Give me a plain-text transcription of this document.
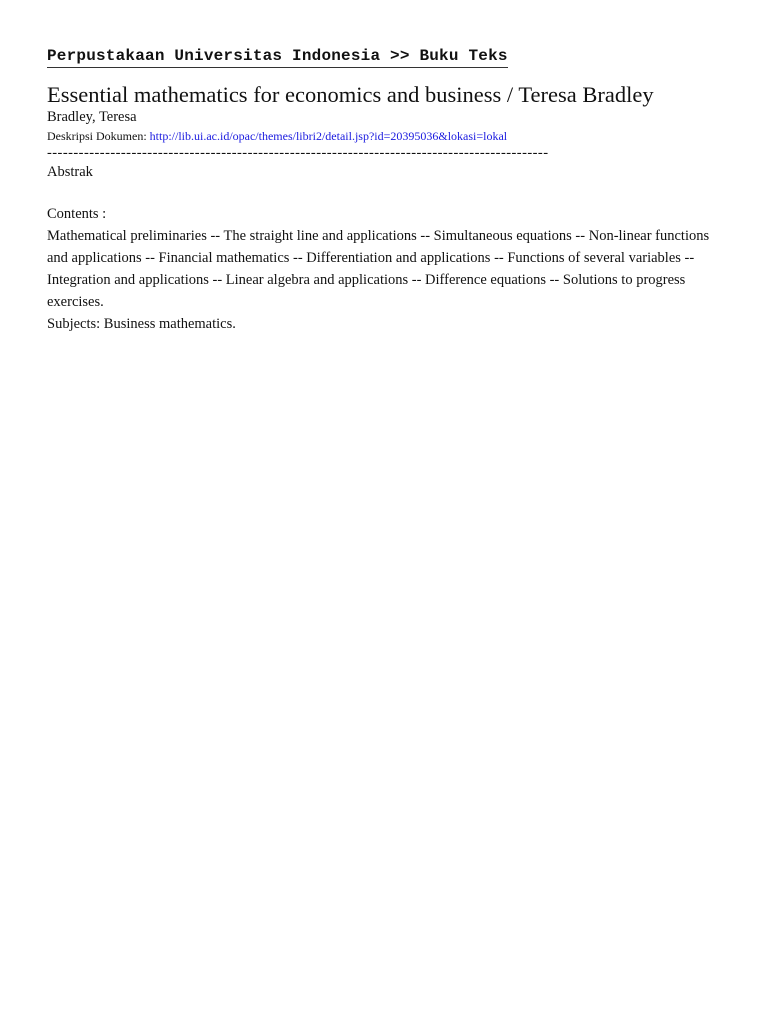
Perpustakaan Universitas Indonesia >> Buku Teks
Essential mathematics for economics and business / Teresa Bradley
Bradley, Teresa
Deskripsi Dokumen: http://lib.ui.ac.id/opac/themes/libri2/detail.jsp?id=20395036&lokasi=lokal
-----------------------------------------------------------------------------------------------
Abstrak

Contents :

Mathematical preliminaries -- The straight line and applications -- Simultaneous equations -- Non-linear functions and applications -- Financial mathematics -- Differentiation and applications -- Functions of several variables -- Integration and applications -- Linear algebra and applications -- Difference equations -- Solutions to progress exercises.

Subjects: Business mathematics.
